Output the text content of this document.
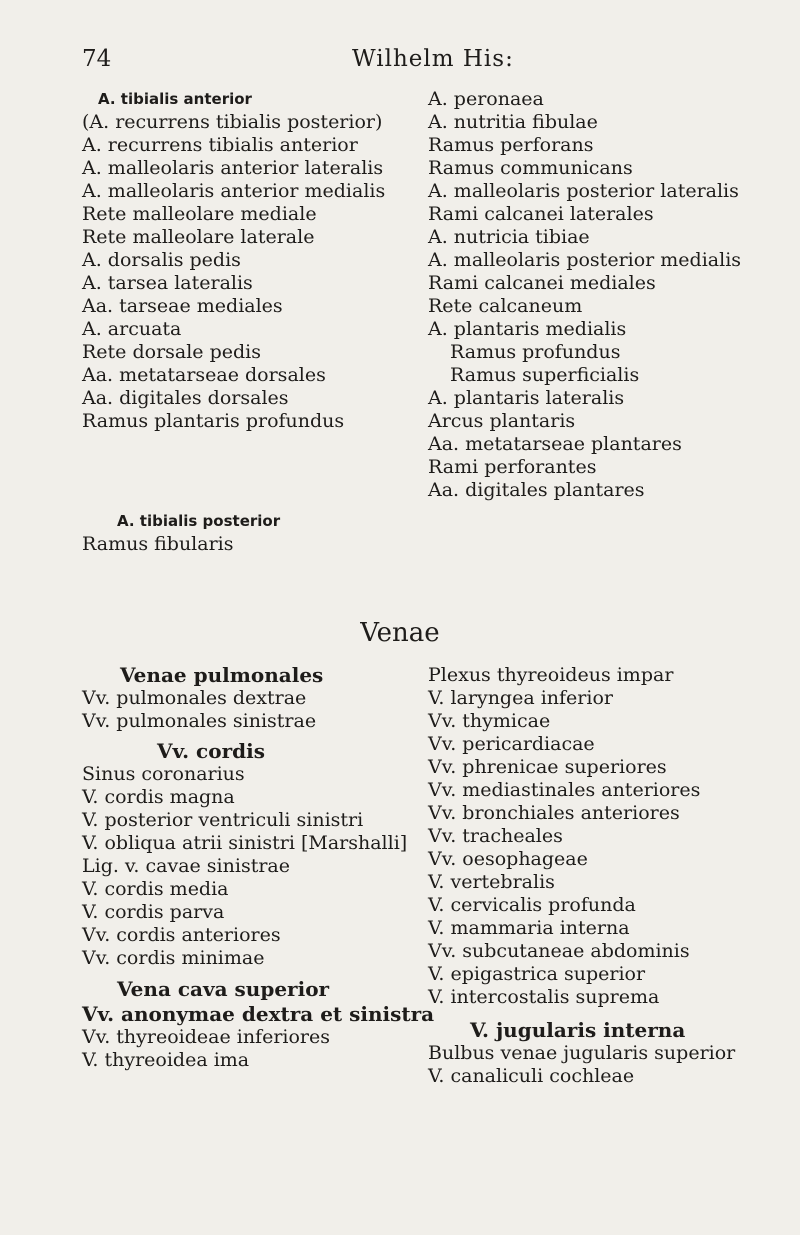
74	Wilhelm His:
A. tibialis anterior
(A. recurrens tibialis posterior)
A. recurrens tibialis anterior
A. malleolaris anterior lateralis
A. malleolaris anterior medialis
Rete malleolare mediale
Rete malleolare laterale
A. dorsalis pedis
A. tarsea lateralis
Aa. tarseae mediales
A. arcuata
Rete dorsale pedis
Aa. metatarseae dorsales
Aa. digitales dorsales
Ramus plantaris profundus
A. tibialis posterior
Ramus fibularis
A. peronaea
A. nutritia fibulae
Ramus perforans
Ramus communicans
A. malleolaris posterior lateralis
Rami calcanei laterales
A. nutricia tibiae
A. malleolaris posterior medialis
Rami calcanei mediales
Rete calcaneum
A. plantaris medialis
Ramus profundus
Ramus superficialis
A. plantaris lateralis
Arcus plantaris
Aa. metatarseae plantares
Rami perforantes
Aa. digitales plantares
Venae
Venae pulmonales
Vv. pulmonales dextrae
Vv. pulmonales sinistrae
Vv. cordis
Sinus coronarius
V. cordis magna
V. posterior ventriculi sinistri
V. obliqua atrii sinistri [Marshalli]
Lig. v. cavae sinistrae
V. cordis media
V. cordis parva
Vv. cordis anteriores
Vv. cordis minimae
Vena cava superior
Vv. anonymae dextra et sinistra
Vv. thyreoideae inferiores
V. thyreoidea ima
Plexus thyreoideus impar
V. laryngea inferior
Vv. thymicae
Vv. pericardiacae
Vv. phrenicae superiores
Vv. mediastinales anteriores
Vv. bronchiales anteriores
Vv. tracheales
Vv. oesophageae
V. vertebralis
V. cervicalis profunda
V. mammaria interna
Vv. subcutaneae abdominis
V. epigastrica superior
V. intercostalis suprema
V. jugularis interna
Bulbus venae jugularis superior
V. canaliculi cochleae
